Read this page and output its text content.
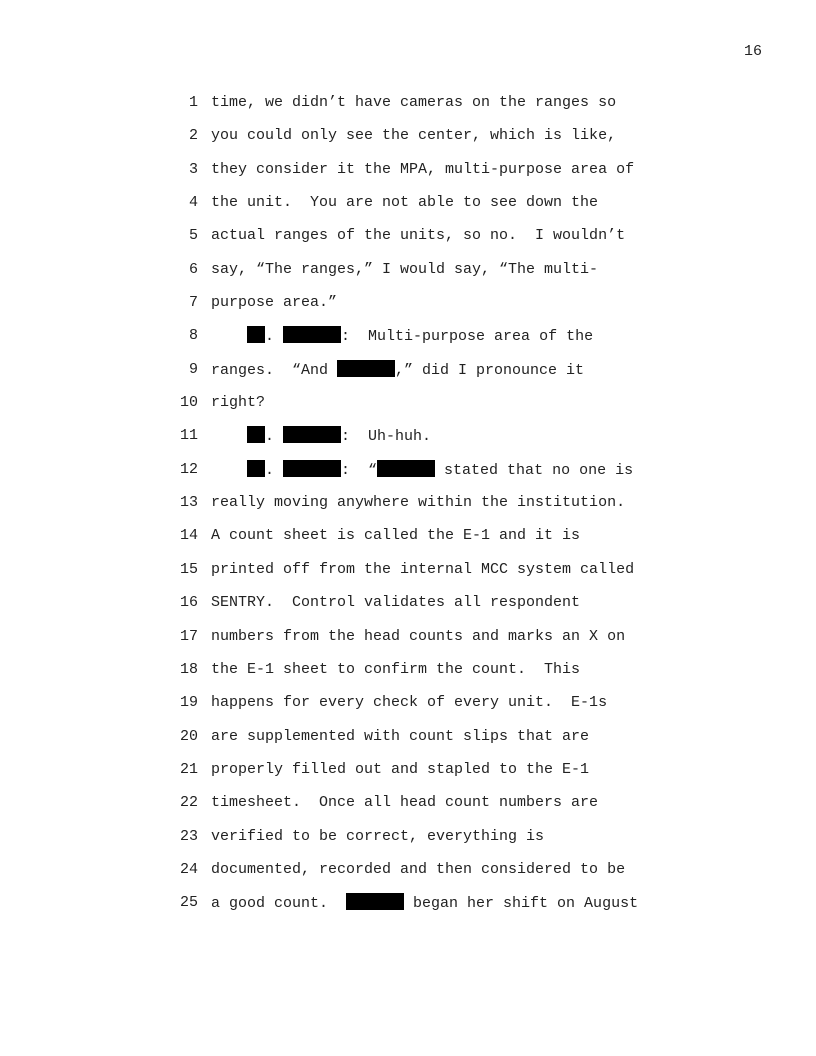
16
1 time, we didn’t have cameras on the ranges so
2 you could only see the center, which is like,
3 they consider it the MPA, multi-purpose area of
4 the unit.  You are not able to see down the
5 actual ranges of the units, so no.  I wouldn’t
6 say, “The ranges,” I would say, “The multi-
7 purpose area.”
8	.	:  Multi-purpose area of the
9 ranges.  “And	,” did I pronounce it
10 right?
11	.	:  Uh-huh.
12	.	:  “	stated that no one is
13 really moving anywhere within the institution.
14 A count sheet is called the E-1 and it is
15 printed off from the internal MCC system called
16 SENTRY.  Control validates all respondent
17 numbers from the head counts and marks an X on
18 the E-1 sheet to confirm the count.  This
19 happens for every check of every unit.  E-1s
20 are supplemented with count slips that are
21 properly filled out and stapled to the E-1
22 timesheet.  Once all head count numbers are
23 verified to be correct, everything is
24 documented, recorded and then considered to be
25 a good count.	began her shift on August
